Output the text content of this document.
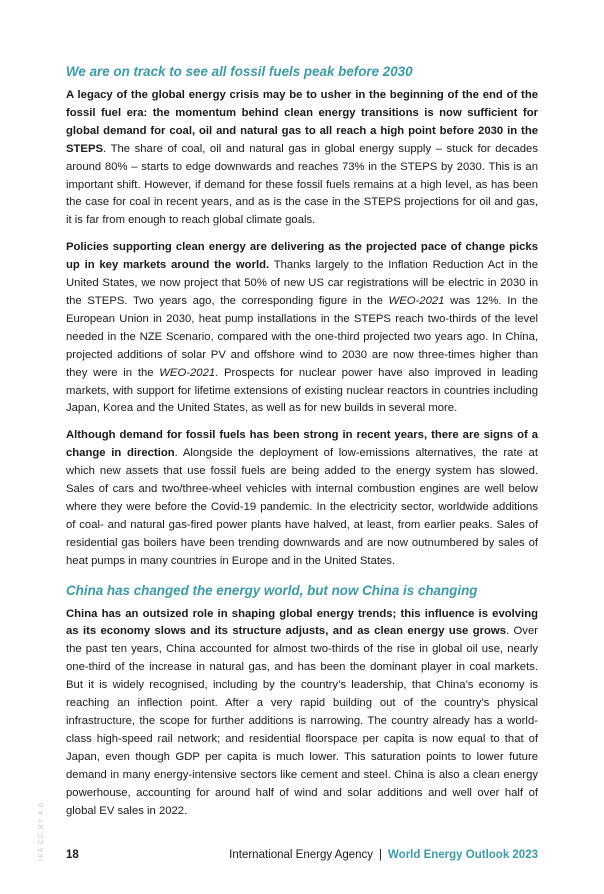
We are on track to see all fossil fuels peak before 2030

A legacy of the global energy crisis may be to usher in the beginning of the end of the fossil fuel era: the momentum behind clean energy transitions is now sufficient for global demand for coal, oil and natural gas to all reach a high point before 2030 in the STEPS. The share of coal, oil and natural gas in global energy supply – stuck for decades around 80% – starts to edge downwards and reaches 73% in the STEPS by 2030. This is an important shift. However, if demand for these fossil fuels remains at a high level, as has been the case for coal in recent years, and as is the case in the STEPS projections for oil and gas, it is far from enough to reach global climate goals.

Policies supporting clean energy are delivering as the projected pace of change picks up in key markets around the world. Thanks largely to the Inflation Reduction Act in the United States, we now project that 50% of new US car registrations will be electric in 2030 in the STEPS. Two years ago, the corresponding figure in the WEO-2021 was 12%. In the European Union in 2030, heat pump installations in the STEPS reach two-thirds of the level needed in the NZE Scenario, compared with the one-third projected two years ago. In China, projected additions of solar PV and offshore wind to 2030 are now three-times higher than they were in the WEO-2021. Prospects for nuclear power have also improved in leading markets, with support for lifetime extensions of existing nuclear reactors in countries including Japan, Korea and the United States, as well as for new builds in several more.

Although demand for fossil fuels has been strong in recent years, there are signs of a change in direction. Alongside the deployment of low-emissions alternatives, the rate at which new assets that use fossil fuels are being added to the energy system has slowed. Sales of cars and two/three-wheel vehicles with internal combustion engines are well below where they were before the Covid-19 pandemic. In the electricity sector, worldwide additions of coal- and natural gas-fired power plants have halved, at least, from earlier peaks. Sales of residential gas boilers have been trending downwards and are now outnumbered by sales of heat pumps in many countries in Europe and in the United States.

China has changed the energy world, but now China is changing

China has an outsized role in shaping global energy trends; this influence is evolving as its economy slows and its structure adjusts, and as clean energy use grows. Over the past ten years, China accounted for almost two-thirds of the rise in global oil use, nearly one-third of the increase in natural gas, and has been the dominant player in coal markets. But it is widely recognised, including by the country’s leadership, that China’s economy is reaching an inflection point. After a very rapid building out of the country’s physical infrastructure, the scope for further additions is narrowing. The country already has a world-class high-speed rail network; and residential floorspace per capita is now equal to that of Japan, even though GDP per capita is much lower. This saturation points to lower future demand in many energy-intensive sectors like cement and steel. China is also a clean energy powerhouse, accounting for around half of wind and solar additions and well over half of global EV sales in 2022.

IEA CC BY 4.0 18	International Energy Agency | World Energy Outlook 2023
